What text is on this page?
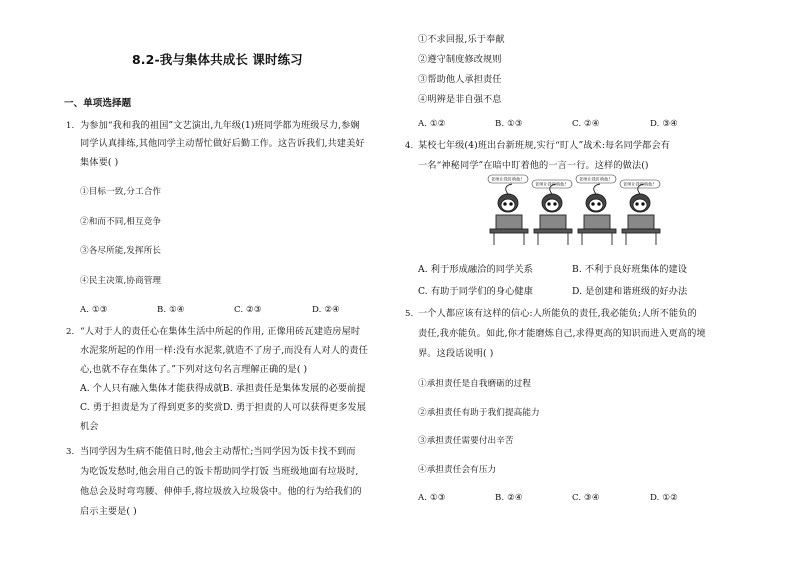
8.2-我与集体共成长 课时练习
一、单项选择题
1. 为参加“我和我的祖国”文艺演出,九年级(1)班同学都为班级尽力,参娴
同学认真排练,其他同学主动帮忙做好后勤工作。这告诉我们,共建美好
集体要( )
①目标一致,分工合作
②和而不同,相互竞争
③各尽所能,发挥所长
④民主决策,协商管理
A. ①③	B. ①④	C. ②③	D. ②④
2. “人对于人的责任心在集体生活中所起的作用, 正像用砖瓦建造房屋时
水泥浆所起的作用一样:没有水泥浆,就造不了房子,而没有人对人的责任
心,也就不存在集体了。”下列对这句名言理解正确的是( )
A. 个人只有融入集体才能获得成就B. 承担责任是集体发展的必要前提
C. 勇于担责是为了得到更多的奖赏D. 勇于担责的人可以获得更多发展
机会
3. 当同学因为生病不能值日时,他会主动帮忙;当同学因为饭卡找不到而
为吃饭发愁时,他会用自己的饭卡帮助同学打饭 当班级地面有垃圾时,
他总会及时弯弯腰、伸伸手,将垃圾放入垃圾袋中。他的行为给我们的
启示主要是( )
①不求回报,乐于奉献
②遵守制度修改规则
③帮助他人承担责任
④明辨是非自强不息
A. ①②	B. ①③	C. ②④	D. ③④
4. 某校七年级(4)班出台新班规,实行“盯人”战术:每名同学都会有
一名“神秘同学”在暗中盯着他的一言一行。这样的做法()
老师让我盯梢他!
老师让我盯梢他!
老师让我盯梢他!
老师让我盯梢他!
A. 利于形成融洽的同学关系	B. 不利于良好班集体的建设
C. 有助于同学们的身心健康	D. 是创建和谐班级的好办法
5. 一个人都应该有这样的信心:人所能负的责任,我必能负;人所不能负的
责任,我亦能负。如此,你才能磨炼自己,求得更高的知识而进入更高的境
界。这段话说明( )
①承担责任是自我磨砺的过程
②承担责任有助于我们提高能力
③承担责任需要付出辛苦
④承担责任会有压力
A. ①③	B. ②④	C. ③④	D. ①②
